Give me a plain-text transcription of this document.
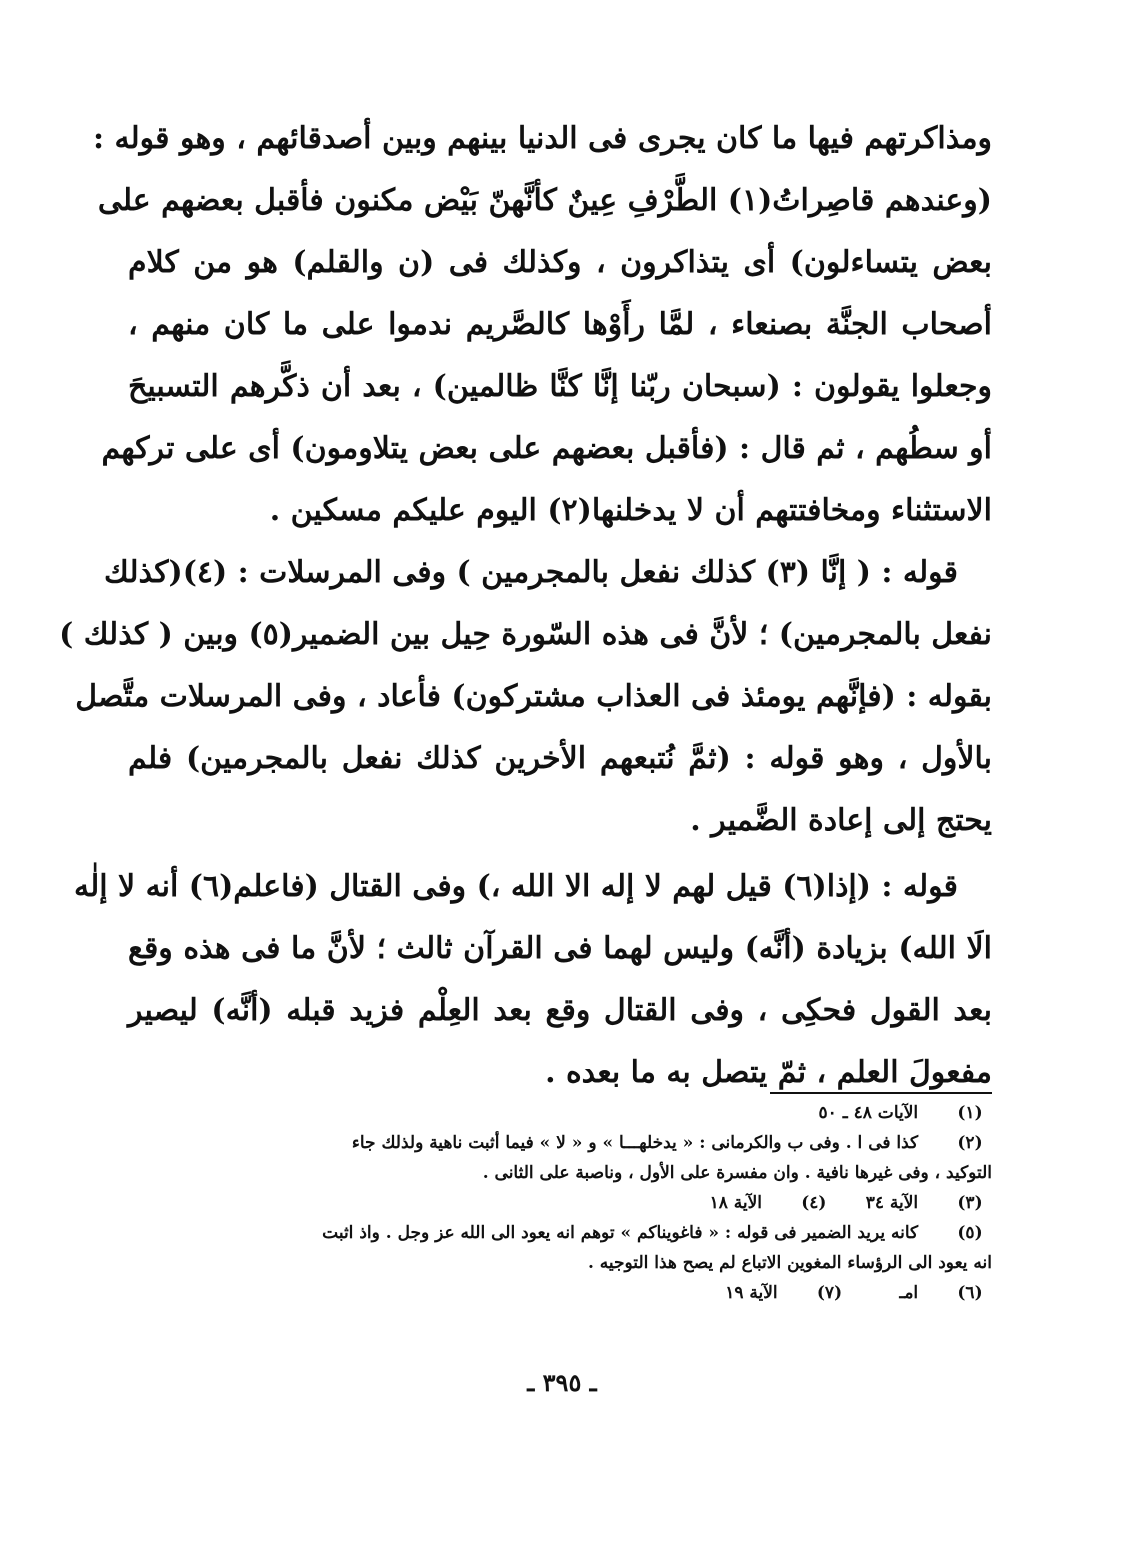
ومذاكرتهم فيها ما كان يجرى فى الدنيا بينهم وبين أصدقائهم ، وهو قوله :
(وعندهم قاصِراتُ(١) الطَّرْفِ عِينٌ كأنَّهنّ بَيْض مكنون فأقبل بعضهم على
بعض يتساءلون) أى يتذاكرون ، وكذلك فى (ن والقلم) هو من كلام
أصحاب الجنَّة بصنعاء ، لمَّا رأَوْها كالصَّريم ندموا على ما كان منهم ،
وجعلوا يقولون : (سبحان ربّنا إنَّا كنَّا ظالمين) ، بعد أن ذكَّرهم التسبيحَ
أو سطُهم ، ثم قال : (فأقبل بعضهم على بعض يتلاومون) أى على تركهم
الاستثناء ومخافتتهم أن لا يدخلنها(٢) اليوم عليكم مسكين .
قوله : ( إنَّا (٣) كذلك نفعل بالمجرمين ) وفى المرسلات : (٤)(كذلك
نفعل بالمجرمين) ؛ لأنَّ فى هذه السّورة حِيل بين الضمير(٥) وبين ( كذلك )
بقوله : (فإنَّهم يومئذ فى العذاب مشتركون) فأعاد ، وفى المرسلات متَّصل
بالأول ، وهو قوله : (ثمَّ نُتبعهم الأخرين كذلك نفعل بالمجرمين) فلم
يحتج إلى إعادة الضَّمير .
قوله : (إذا(٦) قيل لهم لا إله الا الله ،) وفى القتال (فاعلم(٦) أنه لا إلٰه
الَا الله) بزيادة (أنَّه) وليس لهما فى القرآن ثالث ؛ لأنَّ ما فى هذه وقع
بعد القول فحكِى ، وفى القتال وقع بعد العِلْم فزيد قبله (أنَّه) ليصير
مفعولَ العلم ، ثمّ يتصل به ما بعده .
(١)  الآيات ٤٨ ـ ٥٠
(٢)  كذا فى ا . وفى ب والكرمانى : « يدخلهـــا » و « لا » فيما أثبت ناهية ولذلك جاء
التوكيد ، وفى غيرها نافية . وان مفسرة على الأول ، وناصبة على الثانى .
(٣)  الآية ٣٤  (٤)  الآية ١٨
(٥)  كانه يريد الضمير فى قوله : « فاغويناكم » توهم انه يعود الى الله عز وجل . واذ اثبت
انه يعود الى الرؤساء المغوين الاتباع لم يصح هذا التوجيه .
(٦)  امـ  (٧)  الآية ١٩
ـ ٣٩٥ ـ
